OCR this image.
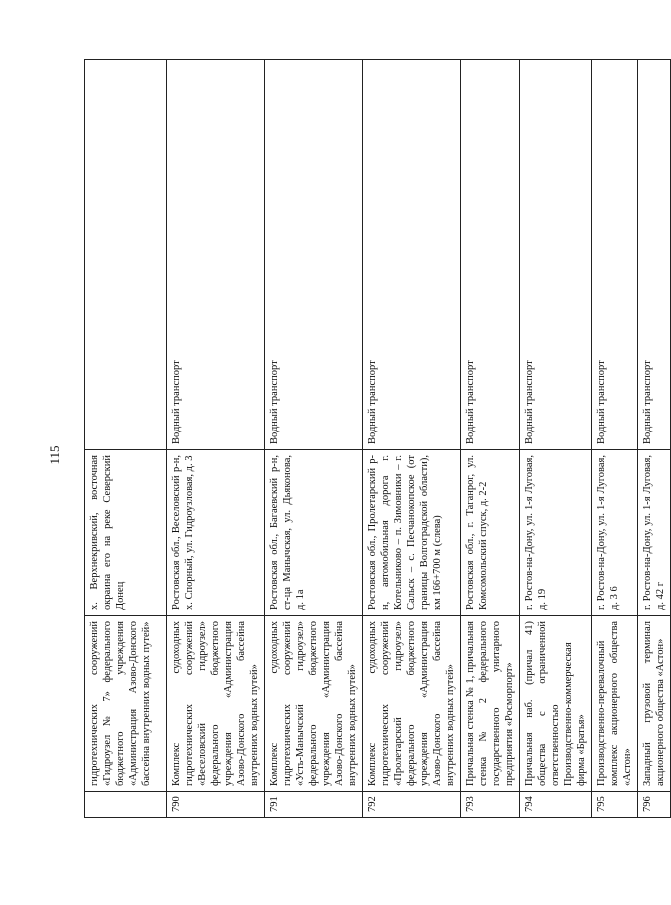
115
	гидротехнических сооружений «Гидроузел № 7» федерального бюджетного учреждения «Администрация Азово-Донского бассейна внутренних водных путей»	х. Верхнекривский, восточная окраина его на реке Северский Донец	
790	Комплекс судоходных гидротехнических сооружений «Веселовский гидроузел» федерального бюджетного учреждения «Администрация Азово-Донского бассейна внутренних водных путей»	Ростовская обл., Веселовский р-н, х. Спорный, ул. Гидроузловая, д. 3	Водный транспорт
791	Комплекс судоходных гидротехнических сооружений «Усть-Манычский гидроузел» федерального бюджетного учреждения «Администрация Азово-Донского бассейна внутренних водных путей»	Ростовская обл., Багаевский р-н, ст-ца Манычская, ул. Дьяконова, д. 1а	Водный транспорт
792	Комплекс судоходных гидротехнических сооружений «Пролетарский гидроузел» федерального бюджетного учреждения «Администрация Азово-Донского бассейна внутренних водных путей»	Ростовская обл., Пролетарский р-н, автомобильная дорога г. Котельниково – п. Зимовники – г. Сальск – с. Песчанокопское (от границы Волгоградской области), км 166+700 м (слева)	Водный транспорт
793	Причальная стенка № 1, причальная стенка № 2 федерального государственного унитарного предприятия «Росморпорт»	Ростовская обл., г. Таганрог, ул. Комсомольский спуск, д. 2-2	Водный транспорт
794	Причальная наб. (причал 41) общества с ограниченной ответственностью Производственно-коммерческая фирма «Братья»	г. Ростов-на-Дону, ул. 1-я Луговая, д. 19	Водный транспорт
795	Производственно-перевалочный комплекс акционерного общества «Астон»	г. Ростов-на-Дону, ул. 1-я Луговая, д. 3 6	Водный транспорт
796	Западный грузовой терминал акционерного общества «Астон»	г. Ростов-на-Дону, ул. 1-я Луговая, д. 42 г	Водный транспорт
